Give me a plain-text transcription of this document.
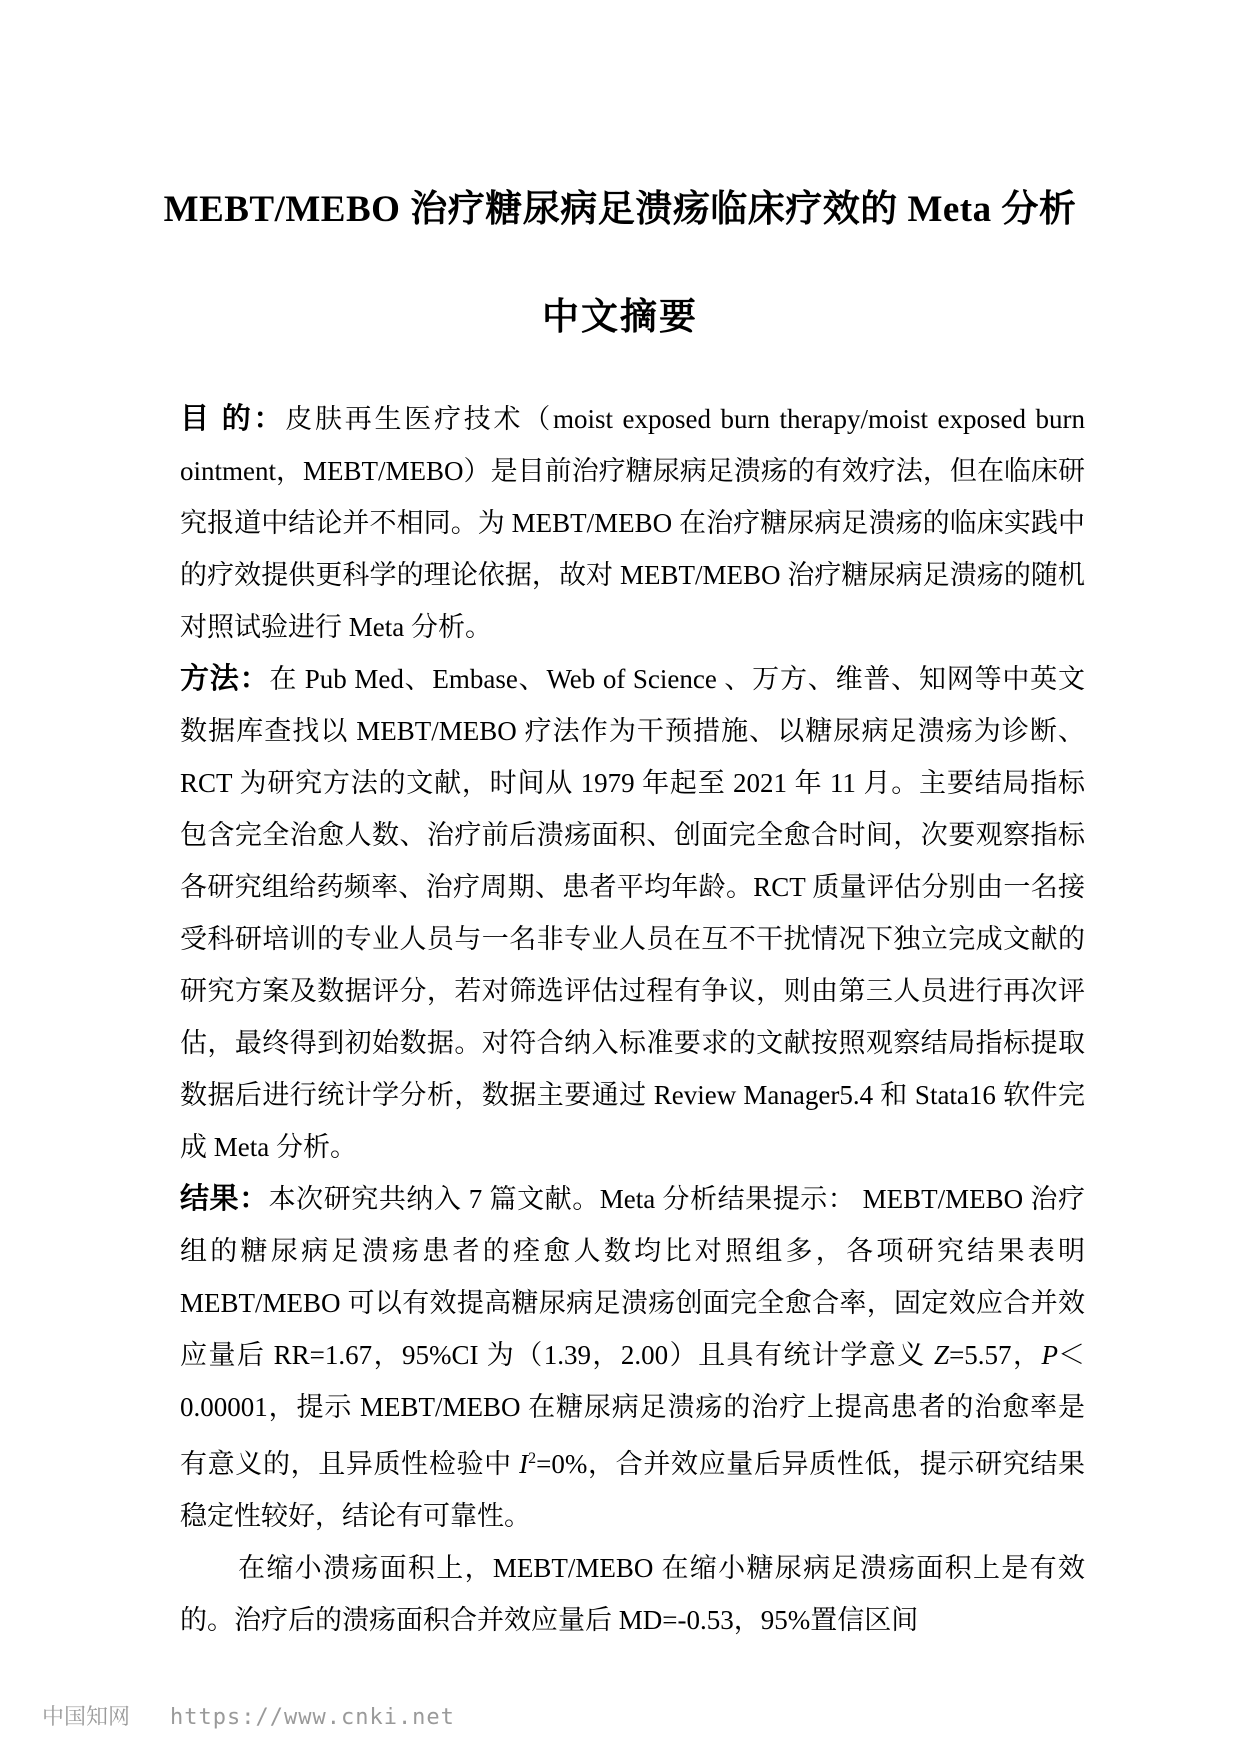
MEBT/MEBO 治疗糖尿病足溃疡临床疗效的 Meta 分析
中文摘要

目 的：皮肤再生医疗技术（moist exposed burn therapy/moist exposed burn ointment，MEBT/MEBO）是目前治疗糖尿病足溃疡的有效疗法，但在临床研究报道中结论并不相同。为 MEBT/MEBO 在治疗糖尿病足溃疡的临床实践中的疗效提供更科学的理论依据，故对 MEBT/MEBO 治疗糖尿病足溃疡的随机对照试验进行 Meta 分析。

方法：在 Pub Med、Embase、Web of Science 、万方、维普、知网等中英文数据库查找以 MEBT/MEBO 疗法作为干预措施、以糖尿病足溃疡为诊断、RCT 为研究方法的文献，时间从 1979 年起至 2021 年 11 月。主要结局指标包含完全治愈人数、治疗前后溃疡面积、创面完全愈合时间，次要观察指标各研究组给药频率、治疗周期、患者平均年龄。RCT 质量评估分别由一名接受科研培训的专业人员与一名非专业人员在互不干扰情况下独立完成文献的研究方案及数据评分，若对筛选评估过程有争议，则由第三人员进行再次评估，最终得到初始数据。对符合纳入标准要求的文献按照观察结局指标提取数据后进行统计学分析，数据主要通过 Review Manager5.4 和 Stata16 软件完成 Meta 分析。

结果：本次研究共纳入 7 篇文献。Meta 分析结果提示： MEBT/MEBO 治疗组的糖尿病足溃疡患者的痊愈人数均比对照组多，各项研究结果表明 MEBT/MEBO 可以有效提高糖尿病足溃疡创面完全愈合率，固定效应合并效应量后 RR=1.67，95%CI 为（1.39，2.00）且具有统计学意义 Z=5.57，P＜0.00001，提示 MEBT/MEBO 在糖尿病足溃疡的治疗上提高患者的治愈率是有意义的，且异质性检验中 $I^2=0\%$，合并效应量后异质性低，提示研究结果稳定性较好，结论有可靠性。

在缩小溃疡面积上，MEBT/MEBO 在缩小糖尿病足溃疡面积上是有效的。治疗后的溃疡面积合并效应量后 MD=-0.53，95%置信区间

中国知网 https://www.cnki.net
